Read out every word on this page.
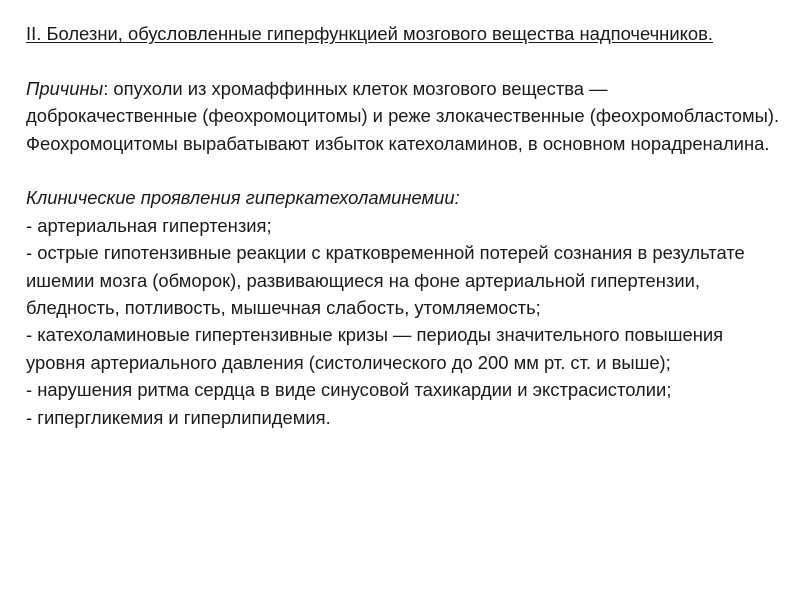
II. Болезни, обусловленные гиперфункцией мозгового вещества надпочечников.

Причины: опухоли из хромаффинных клеток мозгового вещества — доброкачественные (феохромоцитомы) и реже злокачественные (феохромобластомы). Феохромоцитомы вырабатывают избыток катехоламинов, в основном норадреналина.

Клинические проявления гиперкатехоламинемии:

- артериальная гипертензия;
- острые гипотензивные реакции с кратковременной потерей сознания в результате ишемии мозга (обморок), развивающиеся на фоне артериальной гипертензии, бледность, потливость, мышечная слабость, утомляемость;
- катехоламиновые гипертензивные кризы — периоды значительного повышения уровня артериального давления (систолического до 200 мм рт. ст. и выше);
- нарушения ритма сердца в виде синусовой тахикардии и экстрасистолии;
- гипергликемия и гиперлипидемия.
